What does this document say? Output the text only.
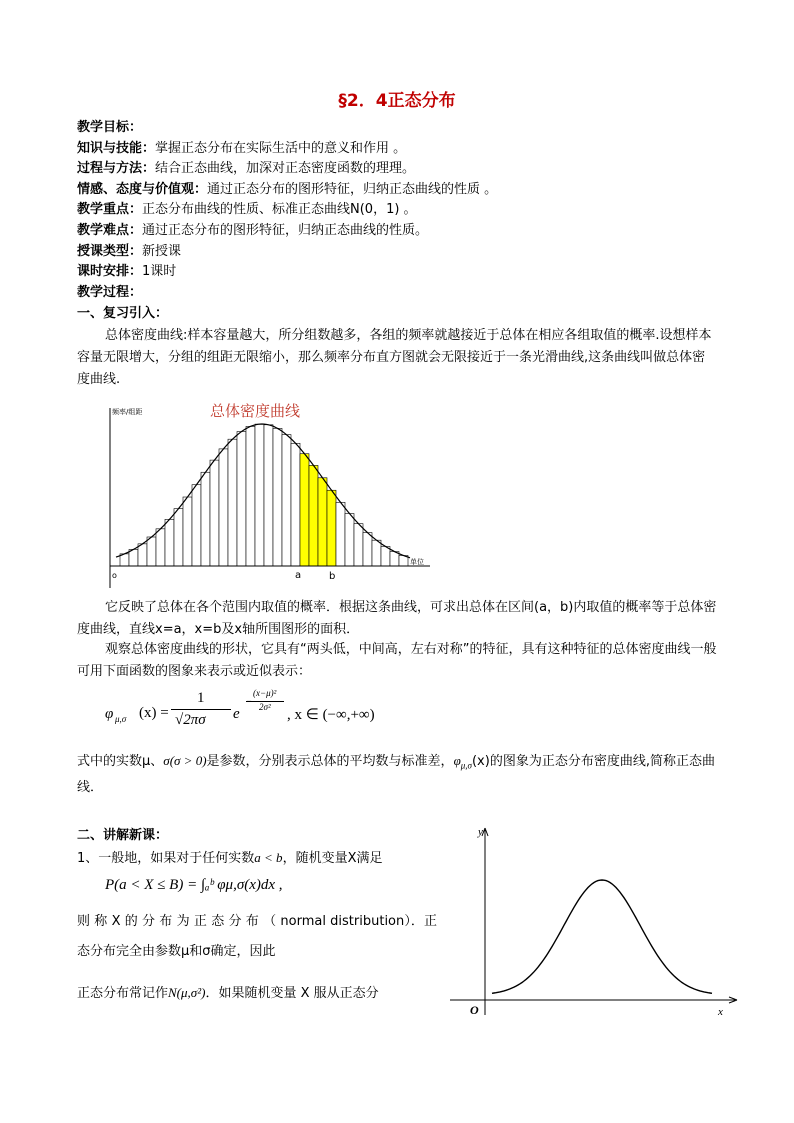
§2．4正态分布
教学目标：
知识与技能：掌握正态分布在实际生活中的意义和作用 。
过程与方法：结合正态曲线，加深对正态密度函数的理理。
情感、态度与价值观：通过正态分布的图形特征，归纳正态曲线的性质 。
教学重点：正态分布曲线的性质、标准正态曲线N(0，1) 。
教学难点：通过正态分布的图形特征，归纳正态曲线的性质。
授课类型：新授课
课时安排：1课时
教学过程：
一、复习引入：
总体密度曲线:样本容量越大，所分组数越多，各组的频率就越接近于总体在相应各组取值的概率.设想样本容量无限增大，分组的组距无限缩小，那么频率分布直方图就会无限接近于一条光滑曲线,这条曲线叫做总体密度曲线.
频率/组距
单位
o	a	b
总体密度曲线
它反映了总体在各个范围内取值的概率．根据这条曲线，可求出总体在区间(a，b)内取值的概率等于总体密度曲线，直线x=a，x=b及x轴所围图形的面积．
观察总体密度曲线的形状，它具有“两头低，中间高，左右对称”的特征，具有这种特征的总体密度曲线一般可用下面函数的图象来表示或近似表示：
φ μ,σ (x) =
1
√2πσ e
(x−μ)²
−
2σ² , x ∈ (−∞,+∞)
式中的实数μ、σ(σ > 0)是参数，分别表示总体的平均数与标准差，$\varphi_{\mu,\sigma}(x)$的图象为正态分布密度曲线,简称正态曲线．
二、讲解新课：
1、一般地，如果对于任何实数a < b，随机变量X满足
P(a < X ≤ B) = ∫ₐᵇ φμ,σ(x)dx ,
则 称 X 的 分 布 为 正 态 分 布 （ normal distribution）．正态分布完全由参数μ和σ确定，因此
正态分布常记作N(μ,σ²)．如果随机变量 X 服从正态分
y
x
O
